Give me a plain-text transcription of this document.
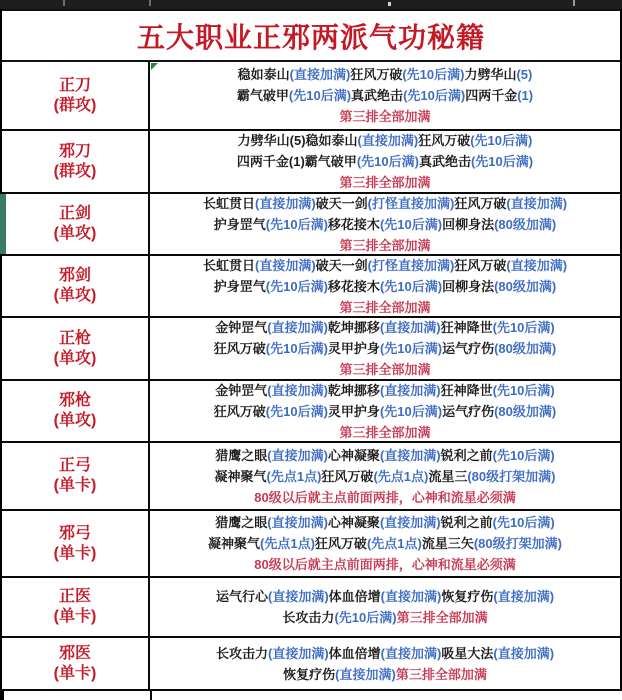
五大职业正邪两派气功秘籍
正刀
(群攻)
稳如泰山(直接加满)狂风万破(先10后满)力劈华山(5)
霸气破甲(先10后满)真武绝击(先10后满)四两千金(1)
第三排全部加满
邪刀
(群攻)
力劈华山(5)稳如泰山(直接加满)狂风万破(先10后满)
四两千金(1)霸气破甲(先10后满)真武绝击(先10后满)
第三排全部加满
正剑
(单攻)
长虹贯日(直接加满)破天一剑(打怪直接加满)狂风万破(直接加满)
护身罡气(先10后满)移花接木(先10后满)回柳身法(80级加满)
第三排全部加满
邪剑
(单攻)
长虹贯日(直接加满)破天一剑(打怪直接加满)狂风万破(直接加满)
护身罡气(先10后满)移花接木(先10后满)回柳身法(80级加满)
第三排全部加满
正枪
(单攻)
金钟罡气(直接加满)乾坤挪移(直接加满)狂神降世(先10后满)
狂风万破(先10后满)灵甲护身(先10后满)运气疗伤(80级加满)
第三排全部加满
邪枪
(单攻)
金钟罡气(直接加满)乾坤挪移(直接加满)狂神降世(先10后满)
狂风万破(先10后满)灵甲护身(先10后满)运气疗伤(80级加满)
第三排全部加满
正弓
(单卡)
猎鹰之眼(直接加满)心神凝聚(直接加满)锐利之前(先10后满)
凝神聚气(先点1点)狂风万破(先点1点)流星三(80级打架加满)
80级以后就主点前面两排，心神和流星必须满
邪弓
(单卡)
猎鹰之眼(直接加满)心神凝聚(直接加满)锐利之前(先10后满)
凝神聚气(先点1点)狂风万破(先点1点)流星三矢(80级打架加满)
80级以后就主点前面两排，心神和流星必须满
正医
(单卡)
运气行心(直接加满)体血倍增(直接加满)恢复疗伤(直接加满)
长攻击力(先10后满)第三排全部加满
邪医
(单卡)
长攻击力(直接加满)体血倍增(直接加满)吸星大法(直接加满)
恢复疗伤(直接加满)第三排全部加满
